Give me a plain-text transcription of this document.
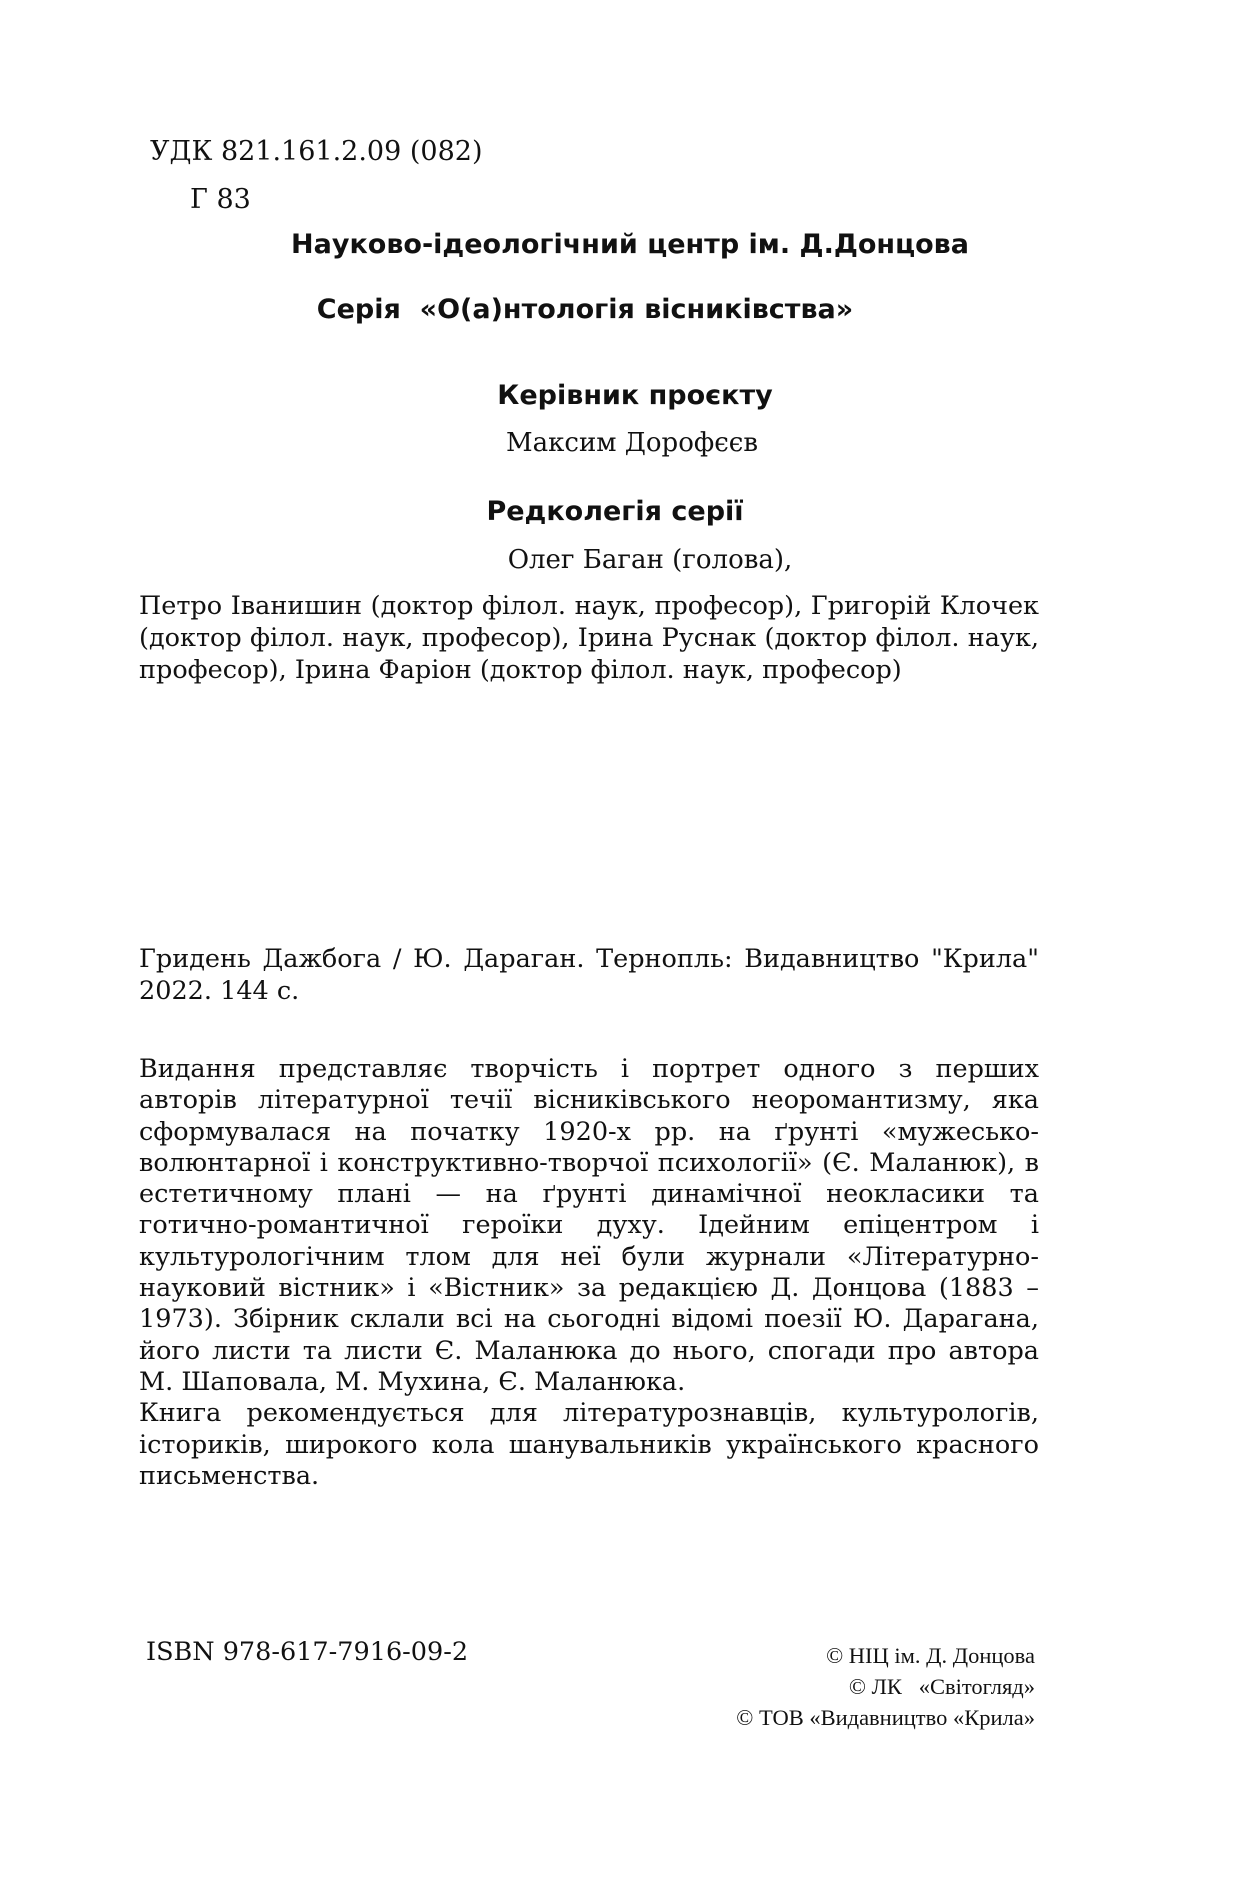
УДК 821.161.2.09 (082)
Г 83
Науково-ідеологічний центр ім. Д.Донцова
Серія  «О(а)нтологія вісниківства»
Керівник проєкту
Максим Дорофєєв
Редколегія серії
Олег Баган (голова),
Петро Іванишин (доктор філол. наук, професор), Григорій Клочек (доктор філол. наук, професор), Ірина Руснак (доктор філол. наук, професор), Ірина Фаріон (доктор філол. наук, професор)
Гридень Дажбога / Ю. Дараган. Тернопль: Видавництво "Крила" 2022. 144 с.

Видання представляє творчість і портрет одного з перших авторів літературної течії вісниківського неоромантизму, яка сформувалася на початку 1920-х рр. на ґрунті «мужесько-волюнтарної і конструктивно-творчої психології» (Є. Маланюк), в естетичному плані — на ґрунті динамічної неокласики та готично-романтичної героїки духу. Ідейним епіцентром і культурологічним тлом для неї були журнали «Літературно-науковий вістник» і «Вістник» за редакцією Д. Донцова (1883 – 1973). Збірник склали всі на сьогодні відомі поезії Ю. Дарагана, його листи та листи Є. Маланюка до нього, спогади про автора М. Шаповала, М. Мухина, Є. Маланюка.

Книга рекомендується для літературознавців, культурологів, істориків, широкого кола шанувальників українського красного письменства.

ISBN 978-617-7916-09-2	© НІЦ ім. Д. Донцова
© ЛК   «Світогляд»
© ТОВ «Видавництво «Крила»
